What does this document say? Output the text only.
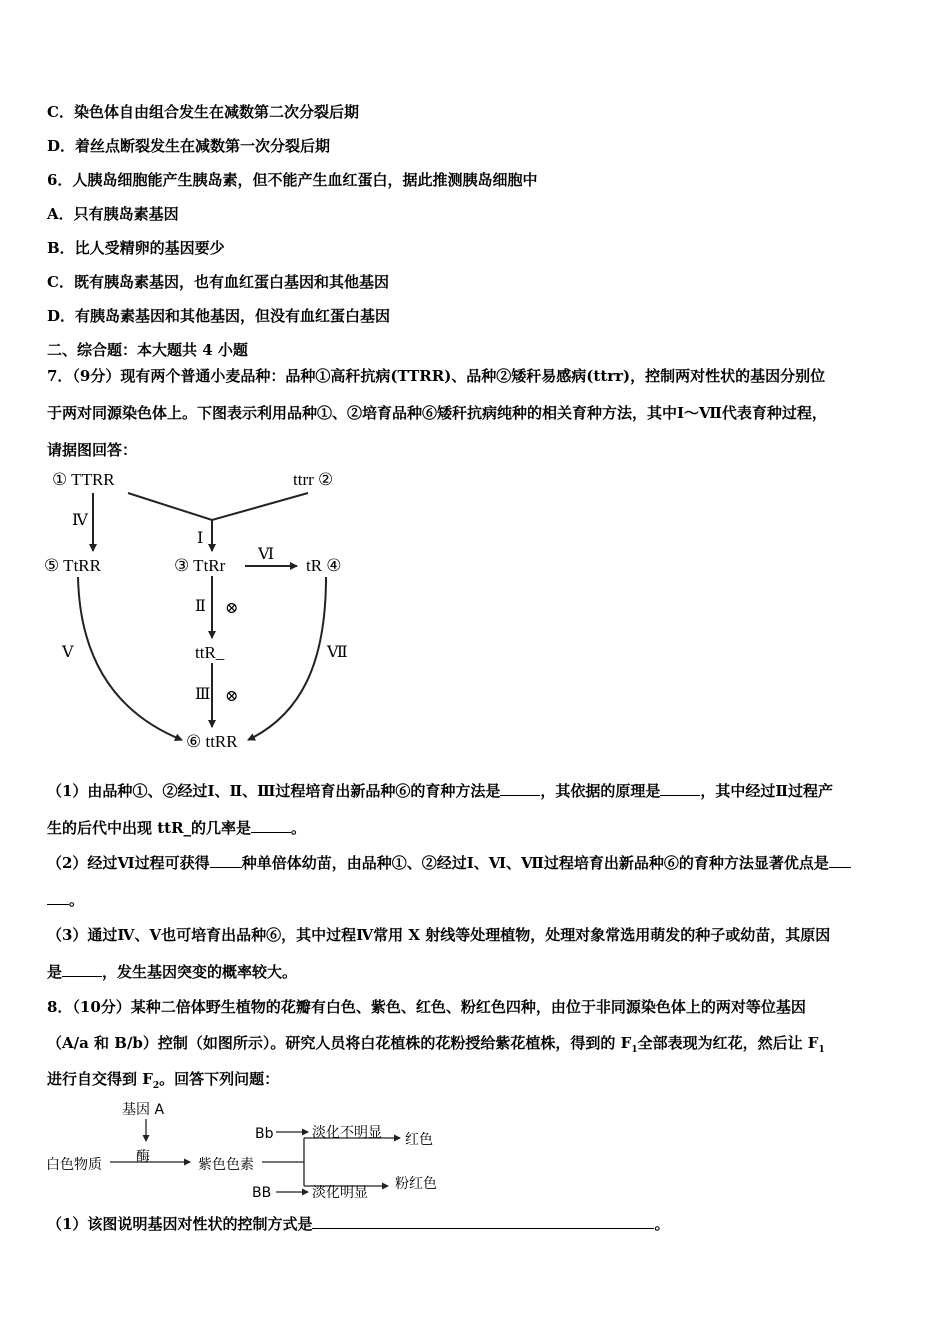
C．染色体自由组合发生在减数第二次分裂后期
D．着丝点断裂发生在减数第一次分裂后期
6．人胰岛细胞能产生胰岛素，但不能产生血红蛋白，据此推测胰岛细胞中
A．只有胰岛素基因
B．比人受精卵的基因要少
C．既有胰岛素基因，也有血红蛋白基因和其他基因
D．有胰岛素基因和其他基因，但没有血红蛋白基因
二、综合题：本大题共 4 小题
7．（9分）现有两个普通小麦品种：品种①高秆抗病(TTRR)、品种②矮秆易感病(ttrr)，控制两对性状的基因分别位
于两对同源染色体上。下图表示利用品种①、②培育品种⑥矮秆抗病纯种的相关育种方法，其中Ⅰ～Ⅶ代表育种过程，
请据图回答：
① TTRR	ttrr ②
⑤ TtRR	③ TtRr	tR ④
ttR_
⑥ ttRR
Ⅰ
Ⅳ
Ⅵ
Ⅱ ⊗
Ⅲ ⊗
Ⅴ	Ⅶ
（1）由品种①、②经过Ⅰ、Ⅱ、Ⅲ过程培育出新品种⑥的育种方法是	，其依据的原理是	，其中经过Ⅱ过程产
生的后代中出现 ttR_的几率是	。
（2）经过Ⅵ过程可获得 种单倍体幼苗，由品种①、②经过Ⅰ、Ⅵ、Ⅶ过程培育出新品种⑥的育种方法显著优点是
。
（3）通过Ⅳ、Ⅴ也可培育出品种⑥，其中过程Ⅳ常用 X 射线等处理植物，处理对象常选用萌发的种子或幼苗，其原因
是	，发生基因突变的概率较大。
8．（10分）某种二倍体野生植物的花瓣有白色、紫色、红色、粉红色四种，由位于非同源染色体上的两对等位基因
（A/a 和 B/b）控制（如图所示）。研究人员将白花植株的花粉授给紫花植株，得到的 $F_1$全部表现为红花，然后让 $F_1$
进行自交得到 $F_2$。回答下列问题：
基因 A
酶
白色物质	紫色色素
Bb	淡化不明显 红色
BB	淡化明显
粉红色
（1）该图说明基因对性状的控制方式是	。
